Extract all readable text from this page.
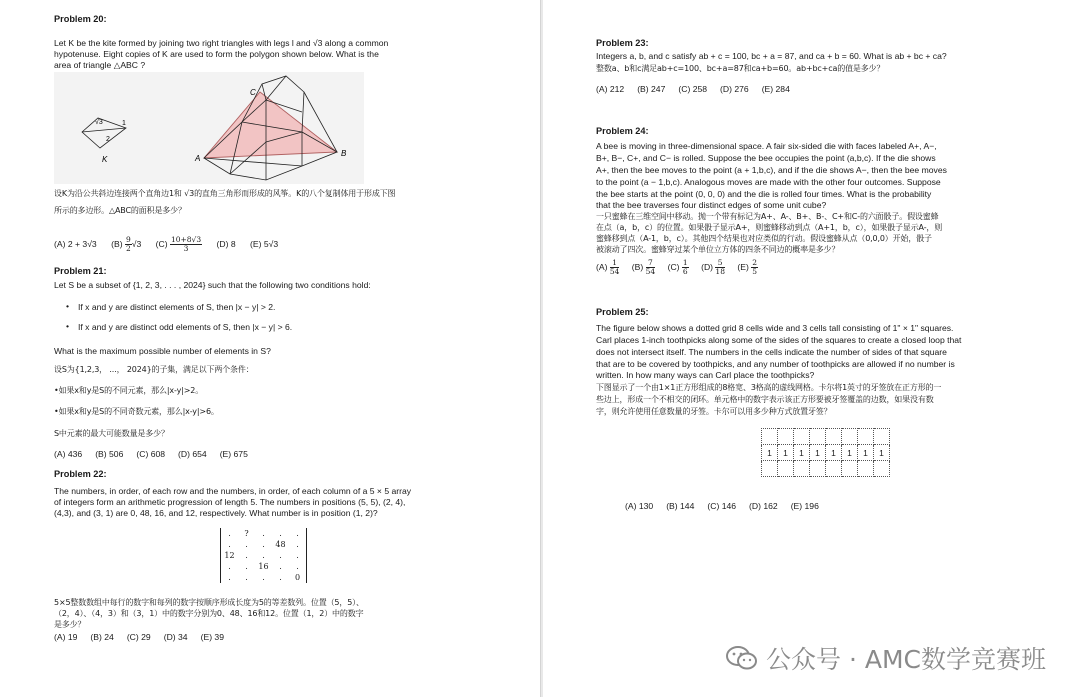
Problem 20:
Let K be the kite formed by joining two right triangles with legs l and √3 along a common
hypotenuse. Eight copies of K are used to form the polygon shown below. What is the
area of triangle △ABC ?
√3	1
2
K
C
A
B
设K为沿公共斜边连接两个直角边1和 √3的直角三角形而形成的风筝。K的八个复制体用于形成下图
所示的多边形。△ABC的面积是多少？
(A) 2 + 3√3 $(B) \frac{9}{2} √3$ $(C) \frac{10+8√3}{3} (D)$ 8 (E) 5√3
Problem 21:
Let S be a subset of {1, 2, 3, . . . , 2024} such that the following two conditions hold:
• If x and y are distinct elements of S, then |x − y| > 2.
• If x and y are distinct odd elements of S, then |x − y| > 6.
What is the maximum possible number of elements in S?
设S为{1,2,3， ...， 2024}的子集，满足以下两个条件：
•如果x和y是S的不同元素，那么|x-y|>2。
•如果x和y是S的不同奇数元素，那么|x-y|>6。
S中元素的最大可能数量是多少？
(A) 436 (B) 506 (C) 608 (D) 654 (E) 675
Problem 22:
The numbers, in order, of each row and the numbers, in order, of each column of a 5 × 5 array
of integers form an arithmetic progression of length 5. The numbers in positions (5, 5), (2, 4),
(4,3), and (3, 1) are 0, 48, 16, and 12, respectively. What number is in position (1, 2)?
.	?	.	.	.
.	.	.	48	.
12	.	.	.	.
.	.	16	.	.
.	.	.	.	0
5×5整数数组中每行的数字和每列的数字按顺序形成长度为5的等差数列。位置（5，5）、
（2，4）、（4，3）和（3，1）中的数字分别为0、48、16和12。位置（1，2）中的数字
是多少？
(A) 19 (B) 24 (C) 29 (D) 34 (E) 39
Problem 23:
Integers a, b, and c satisfy ab + c = 100, bc + a = 87, and ca + b = 60. What is ab + bc + ca?
整数a、b和c满足ab+c=100、bc+a=87和ca+b=60。ab+bc+ca的值是多少？
(A) 212 (B) 247 (C) 258 (D) 276 (E) 284
Problem 24:
A bee is moving in three-dimensional space. A fair six-sided die with faces labeled A+, A−,
B+, B−, C+, and C− is rolled. Suppose the bee occupies the point (a,b,c). If the die shows
A+, then the bee moves to the point (a + 1,b,c), and if the die shows A−, then the bee moves
to the point (a − 1,b,c). Analogous moves are made with the other four outcomes. Suppose
the bee starts at the point (0, 0, 0) and the die is rolled four times. What is the probability
that the bee traverses four distinct edges of some unit cube?
一只蜜蜂在三维空间中移动。抛一个带有标记为A+、A-、B+、B-、C+和C-的六面骰子。假设蜜蜂
在点（a，b，c）的位置。如果骰子显示A+，则蜜蜂移动到点（A+1，b，c），如果骰子显示A-，则
蜜蜂移到点（A-1，b，c）。其他四个结果也对应类似的行动。假设蜜蜂从点（0,0,0）开始，骰子
被滚动了四次。蜜蜂穿过某个单位立方体的四条不同边的概率是多少？
$(A) \frac{1}{54} (B) \frac{7}{54} (C) \frac{1}{6} (D) \frac{5}{18} (E) \frac{2}{5}$
Problem 25:
The figure below shows a dotted grid 8 cells wide and 3 cells tall consisting of 1" × 1" squares.
Carl places 1-inch toothpicks along some of the sides of the squares to create a closed loop that
does not intersect itself. The numbers in the cells indicate the number of sides of that square
that are to be covered by toothpicks, and any number of toothpicks are allowed if no number is
written. In how many ways can Carl place the toothpicks?
下图显示了一个由1×1正方形组成的8格宽、3格高的虚线网格。卡尔将1英寸的牙签放在正方形的一
些边上，形成一个不相交的闭环。单元格中的数字表示该正方形要被牙签覆盖的边数，如果没有数
字，则允许使用任意数量的牙签。卡尔可以用多少种方式放置牙签？

1	1	1	1	1	1	1	1

(A) 130 (B) 144 (C) 146 (D) 162 (E) 196
公众号 · AMC数学竞赛班
